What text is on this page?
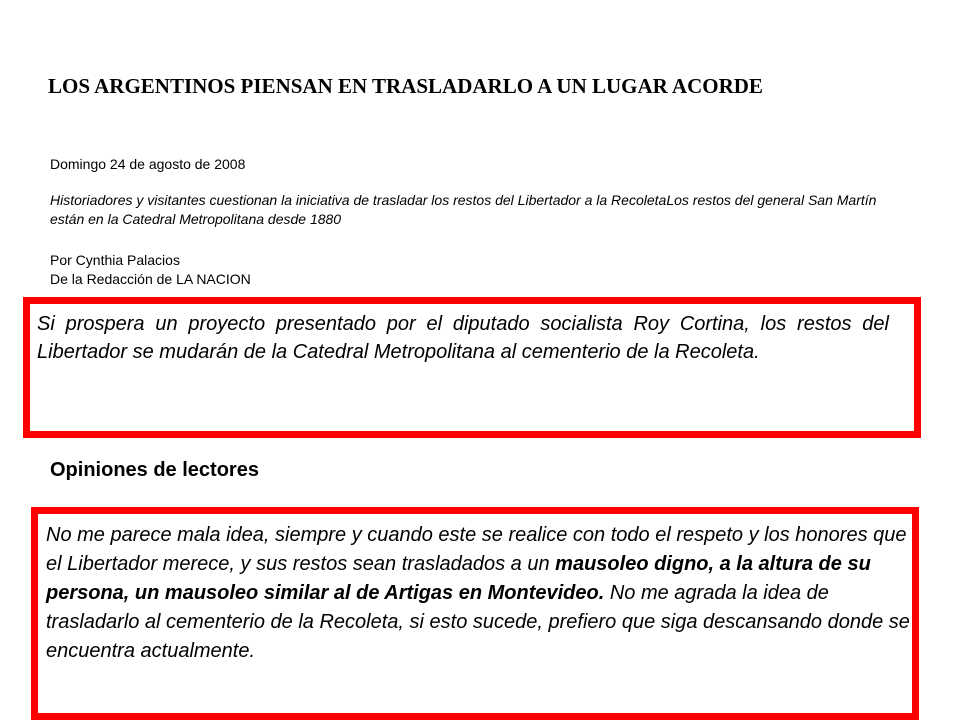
LOS ARGENTINOS PIENSAN EN TRASLADARLO A UN LUGAR ACORDE
Domingo 24 de agosto de 2008
Historiadores y visitantes cuestionan la iniciativa de trasladar los restos del Libertador a la RecoletaLos restos del general San Martín están en la Catedral Metropolitana desde 1880
Por Cynthia Palacios
De la Redacción de LA NACION

Si prospera un proyecto presentado por el diputado socialista Roy Cortina, los restos del Libertador se mudarán de la Catedral Metropolitana al cementerio de la Recoleta.

Opiniones de lectores

No me parece mala idea, siempre y cuando este se realice con todo el respeto y los honores que el Libertador merece, y sus restos sean trasladados a un mausoleo digno, a la altura de su persona, un mausoleo similar al de Artigas en Montevideo. No me agrada la idea de trasladarlo al cementerio de la Recoleta, si esto sucede, prefiero que siga descansando donde se encuentra actualmente.
